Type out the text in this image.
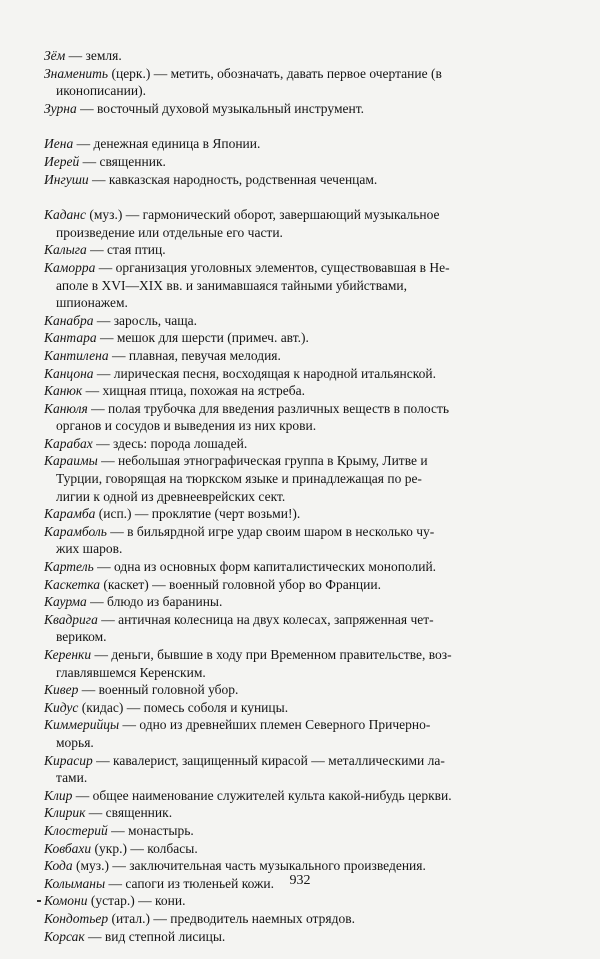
Зём — земля.
Знаменить (церк.) — метить, обозначать, давать первое очертание (в
иконописании).
Зурна — восточный духовой музыкальный инструмент.
Иена — денежная единица в Японии.
Иерей — священник.
Ингуши — кавказская народность, родственная чеченцам.
Каданс (муз.) — гармонический оборот, завершающий музыкальное
произведение или отдельные его части.
Калыга — стая птиц.
Каморра — организация уголовных элементов, существовавшая в Не-
аполе в XVI—XIX вв. и занимавшаяся тайными убийствами,
шпионажем.
Канабра — заросль, чаща.
Кантара — мешок для шерсти (примеч. авт.).
Кантилена — плавная, певучая мелодия.
Канцона — лирическая песня, восходящая к народной итальянской.
Канюк — хищная птица, похожая на ястреба.
Канюля — полая трубочка для введения различных веществ в полость
органов и сосудов и выведения из них крови.
Карабах — здесь: порода лошадей.
Караимы — небольшая этнографическая группа в Крыму, Литве и
Турции, говорящая на тюркском языке и принадлежащая по ре-
лигии к одной из древнееврейских сект.
Карамба (исп.) — проклятие (черт возьми!).
Карамболь — в бильярдной игре удар своим шаром в несколько чу-
жих шаров.
Картель — одна из основных форм капиталистических монополий.
Каскетка (каскет) — военный головной убор во Франции.
Каурма — блюдо из баранины.
Квадрига — античная колесница на двух колесах, запряженная чет-
вериком.
Керенки — деньги, бывшие в ходу при Временном правительстве, воз-
главлявшемся Керенским.
Кивер — военный головной убор.
Кидус (кидас) — помесь соболя и куницы.
Киммерийцы — одно из древнейших племен Северного Причерно-
морья.
Кирасир — кавалерист, защищенный кирасой — металлическими ла-
тами.
Клир — общее наименование служителей культа какой-нибудь церкви.
Клирик — священник.
Клостерий — монастырь.
Ковбахи (укр.) — колбасы.
Кода (муз.) — заключительная часть музыкального произведения.
Колыманы — сапоги из тюленьей кожи.
Комони (устар.) — кони.
Кондотьер (итал.) — предводитель наемных отрядов.
Корсак — вид степной лисицы.
932
